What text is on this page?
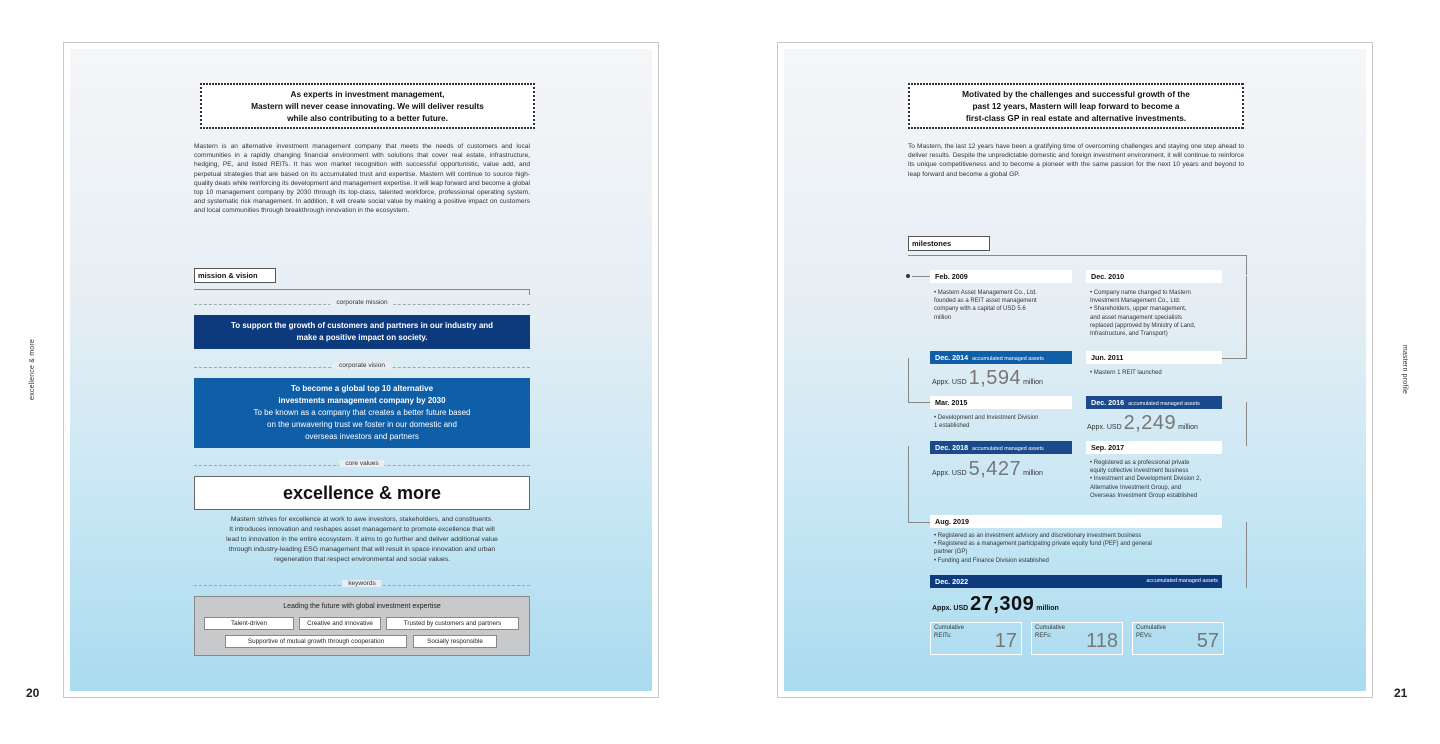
20	21
excellence & more	mastern profile
As experts in investment management,
Mastern will never cease innovating. We will deliver results
while also contributing to a better future.
Mastern is an alternative investment management company that meets the needs of customers and local communities in a rapidly changing financial environment with solutions that cover real estate, infrastructure, hedging, PE, and listed REITs. It has won market recognition with successful opportunistic, value add, and perpetual strategies that are based on its accumulated trust and expertise. Mastern will continue to source high-quality deals while reinforcing its development and management expertise. It will leap forward and become a global top 10 management company by 2030 through its top-class, talented workforce, professional operating system, and systematic risk management. In addition, it will create social value by making a positive impact on customers and local communities through breakthrough innovation in the ecosystem.
mission & vision
corporate mission
To support the growth of customers and partners in our industry and
make a positive impact on society.
corporate vision
To become a global top 10 alternative
investments management company by 2030
To be known as a company that creates a better future based
on the unwavering trust we foster in our domestic and
overseas investors and partners
core values
excellence & more
Mastern strives for excellence at work to awe investors, stakeholders, and constituents.
It introduces innovation and reshapes asset management to promote excellence that will
lead to innovation in the entire ecosystem. It aims to go further and deliver additional value
through industry-leading ESG management that will result in space innovation and urban
regeneration that respect environmental and social values.
keywords
Leading the future with global investment expertise
Talent-driven	Creative and innovative	Trusted by customers and partners
Supportive of mutual growth through cooperation	Socially responsible
Motivated by the challenges and successful growth of the
past 12 years, Mastern will leap forward to become a
first-class GP in real estate and alternative investments.
To Mastern, the last 12 years have been a gratifying time of overcoming challenges and staying one step ahead to deliver results. Despite the unpredictable domestic and foreign investment environment, it will continue to reinforce its unique competitiveness and to become a pioneer with the same passion for the next 10 years and beyond to leap forward and become a global GP.
milestones
Feb. 2009
• Mastern Asset Management Co., Ltd.
founded as a REIT asset management
company with a capital of USD 5.6
million
Dec. 2010
• Company name changed to Mastern
Investment Management Co., Ltd.
• Shareholders, upper management,
and asset management specialists
replaced (approved by Ministry of Land,
Infrastructure, and Transport)
Dec. 2014 accumulated managed assets
Appx. USD 1,594 million
Jun. 2011
• Mastern 1 REIT launched
Mar. 2015
• Development and Investment Division
1 established
Dec. 2016 accumulated managed assets
Appx. USD 2,249 million
Dec. 2018 accumulated managed assets
Appx. USD 5,427 million
Sep. 2017
• Registered as a professional private
equity collective investment business
• Investment and Development Division 2,
Alternative Investment Group, and
Overseas Investment Group established
Aug. 2019
• Registered as an investment advisory and discretionary investment business
• Registered as a management participating private equity fund (PEF) and general
partner (GP)
• Funding and Finance Division established
Dec. 2022	accumulated managed assets
Appx. USD 27,309 million
Cumulative
REITs:	17
Cumulative
REFs:	118
Cumulative
PEVs:	57
